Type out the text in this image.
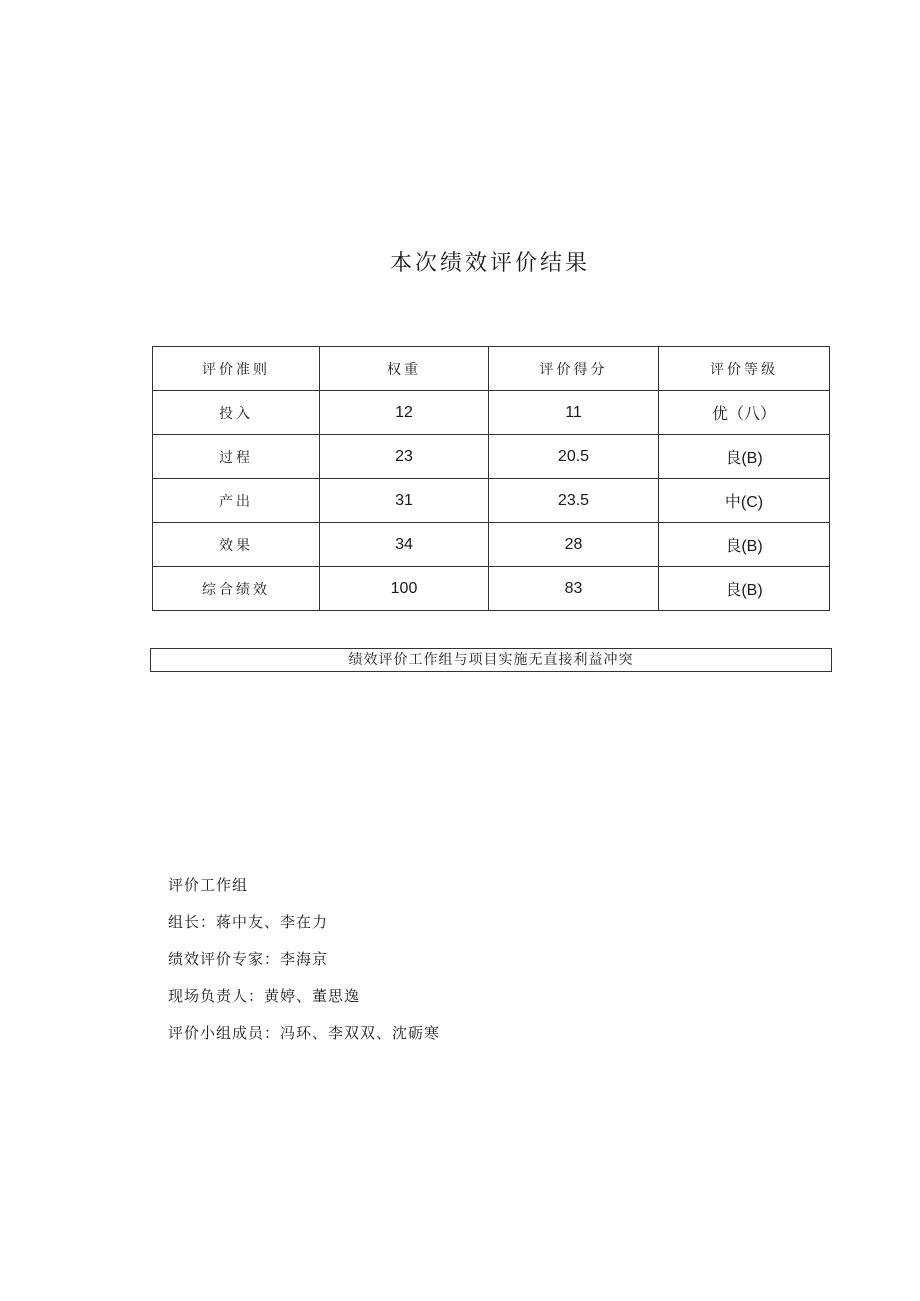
本次绩效评价结果
评价准则	权重	评价得分	评价等级
投入	12	11	优（八）
过程	23	20.5	良(B)
产出	31	23.5	中(C)
效果	34	28	良(B)
综合绩效	100	83	良(B)
绩效评价工作组与项目实施无直接利益冲突
评价工作组
组长：蒋中友、李在力
绩效评价专家：李海京
现场负责人：黄婷、董思逸
评价小组成员：冯环、李双双、沈砺寒
